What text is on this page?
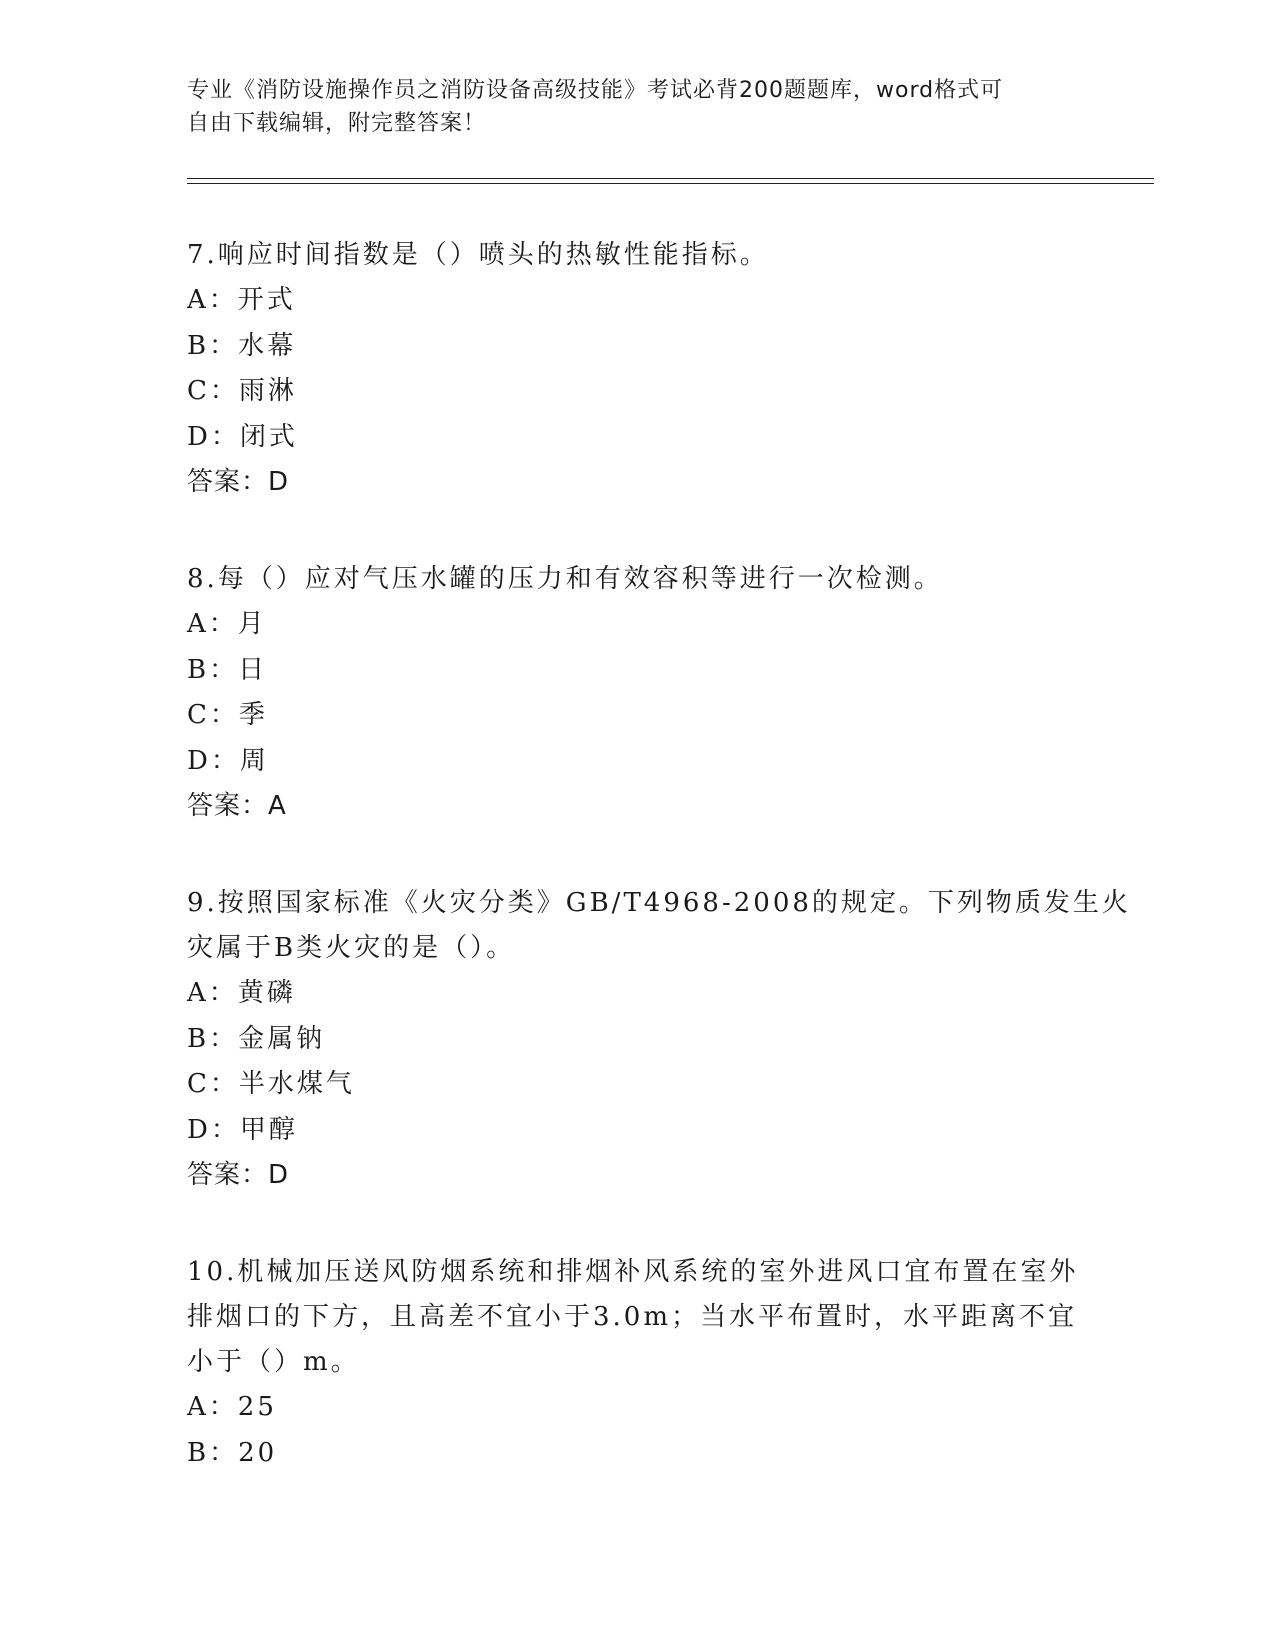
专业《消防设施操作员之消防设备高级技能》考试必背200题题库，word格式可
自由下载编辑，附完整答案！
7.响应时间指数是（）喷头的热敏性能指标。
A：开式
B：水幕
C：雨淋
D：闭式
答案：D
8.每（）应对气压水罐的压力和有效容积等进行一次检测。
A：月
B：日
C：季
D：周
答案：A
9.按照国家标准《火灾分类》GB/T4968-2008的规定。下列物质发生火
灾属于B类火灾的是（）。
A：黄磷
B：金属钠
C：半水煤气
D：甲醇
答案：D
10.机械加压送风防烟系统和排烟补风系统的室外进风口宜布置在室外
排烟口的下方，且高差不宜小于3.0m；当水平布置时，水平距离不宜
小于（）m。
A：25
B：20
